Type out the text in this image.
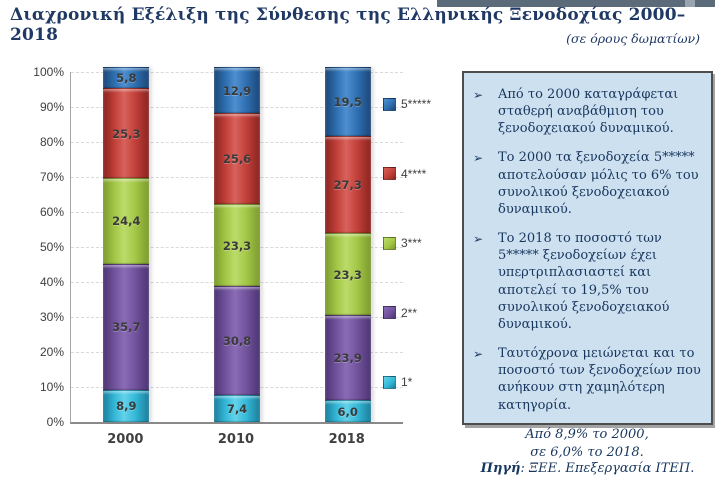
Διαχρονική Εξέλιξη της Σύνθεσης της Ελληνικής Ξενοδοχίας 2000– 2018	(σε όρους δωματίων)
5,8
25,3
24,4
35,7
8,9
12,9
25,6
23,3
30,8
7,4
19,5
27,3
23,3
23,9
6,0
5*****
4****
3***
2**
1*
0%
10%
20%
30%
40%
50%
60%
70%
80%
90%
100%
2000	2010	2018
➢	Από το 2000 καταγράφεται σταθερή αναβάθμιση του ξενοδοχειακού δυναμικού.
➢	Το 2000 τα ξενοδοχεία 5***** αποτελούσαν μόλις το 6% του συνολικού ξενοδοχειακού δυναμικού.
➢	Το 2018 το ποσοστό των 5***** ξενοδοχείων έχει υπερτριπλασιαστεί και αποτελεί το 19,5% του συνολικού ξενοδοχειακού δυναμικού.
➢	Ταυτόχρονα μειώνεται και το ποσοστό των ξενοδοχείων που ανήκουν στη χαμηλότερη κατηγορία.
Από 8,9% το 2000,
σε 6,0% το 2018.
Πηγή: ΞΕΕ. Επεξεργασία ΙΤΕΠ.
